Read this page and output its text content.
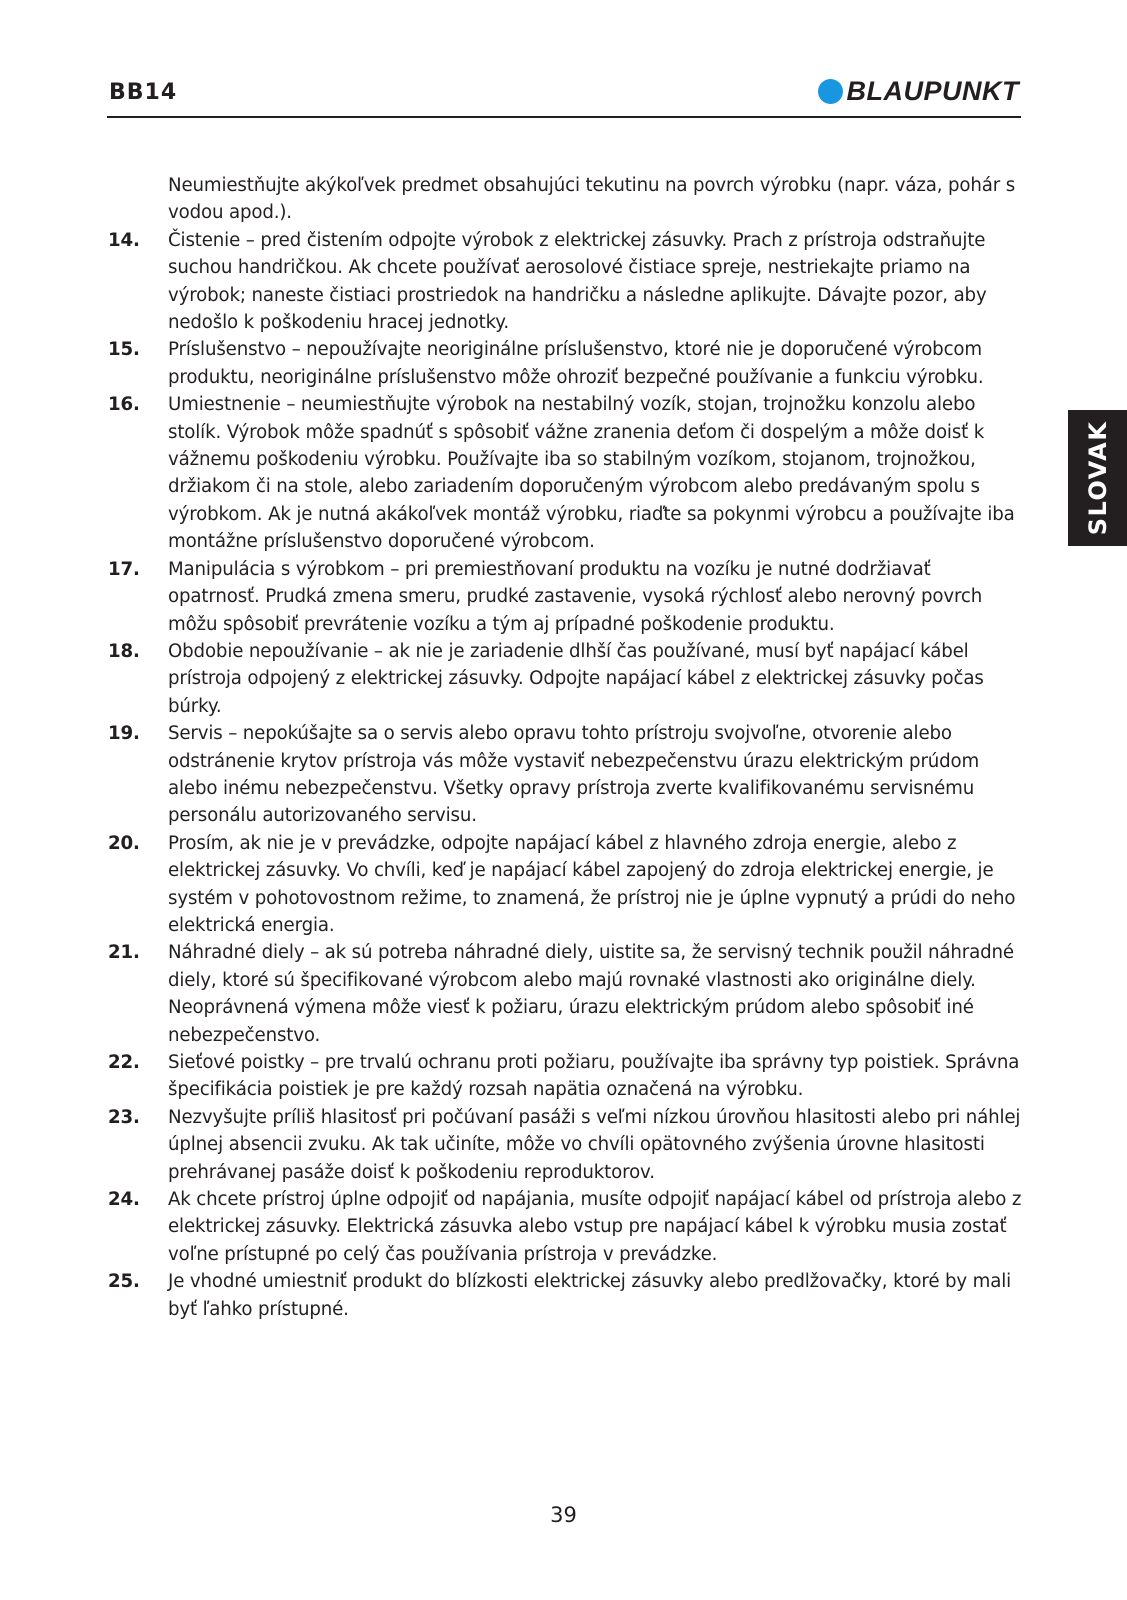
BB14	BLAUPUNKT
SLOVAK
Neumiestňujte akýkoľvek predmet obsahujúci tekutinu na povrch výrobku (napr. váza, pohár s vodou apod.).
14. Čistenie – pred čistením odpojte výrobok z elektrickej zásuvky. Prach z prístroja odstraňujte suchou handričkou. Ak chcete používať aerosolové čistiace spreje, nestriekajte priamo na výrobok; naneste čistiaci prostriedok na handričku a následne aplikujte. Dávajte pozor, aby nedošlo k poškodeniu hracej jednotky.
15. Príslušenstvo – nepoužívajte neoriginálne príslušenstvo, ktoré nie je doporučené výrobcom produktu, neoriginálne príslušenstvo môže ohroziť bezpečné používanie a funkciu výrobku.
16. Umiestnenie – neumiestňujte výrobok na nestabilný vozík, stojan, trojnožku konzolu alebo stolík. Výrobok môže spadnúť s spôsobiť vážne zranenia deťom či dospelým a môže doisť k vážnemu poškodeniu výrobku. Používajte iba so stabilným vozíkom, stojanom, trojnožkou, držiakom či na stole, alebo zariadením doporučeným výrobcom alebo predávaným spolu s výrobkom. Ak je nutná akákoľvek montáž výrobku, riaďte sa pokynmi výrobcu a používajte iba montážne príslušenstvo doporučené výrobcom.
17. Manipulácia s výrobkom – pri premiestňovaní produktu na vozíku je nutné dodržiavať opatrnosť. Prudká zmena smeru, prudké zastavenie, vysoká rýchlosť alebo nerovný povrch môžu spôsobiť prevrátenie vozíku a tým aj prípadné poškodenie produktu.
18. Obdobie nepoužívanie – ak nie je zariadenie dlhší čas používané, musí byť napájací kábel prístroja odpojený z elektrickej zásuvky. Odpojte napájací kábel z elektrickej zásuvky počas búrky.
19. Servis – nepokúšajte sa o servis alebo opravu tohto prístroju svojvoľne, otvorenie alebo odstránenie krytov prístroja vás môže vystaviť nebezpečenstvu úrazu elektrickým prúdom alebo inému nebezpečenstvu. Všetky opravy prístroja zverte kvalifikovanému servisnému personálu autorizovaného servisu.
20. Prosím, ak nie je v prevádzke, odpojte napájací kábel z hlavného zdroja energie, alebo z elektrickej zásuvky. Vo chvíli, keď je napájací kábel zapojený do zdroja elektrickej energie, je systém v pohotovostnom režime, to znamená, že prístroj nie je úplne vypnutý a prúdi do neho elektrická energia.
21. Náhradné diely – ak sú potreba náhradné diely, uistite sa, že servisný technik použil náhradné diely, ktoré sú špecifikované výrobcom alebo majú rovnaké vlastnosti ako originálne diely. Neoprávnená výmena môže viesť k požiaru, úrazu elektrickým prúdom alebo spôsobiť iné nebezpečenstvo.
22. Sieťové poistky – pre trvalú ochranu proti požiaru, používajte iba správny typ poistiek. Správna špecifikácia poistiek je pre každý rozsah napätia označená na výrobku.
23. Nezvyšujte príliš hlasitosť pri počúvaní pasáži s veľmi nízkou úrovňou hlasitosti alebo pri náhlej úplnej absencii zvuku. Ak tak učiníte, môže vo chvíli opätovného zvýšenia úrovne hlasitosti prehrávanej pasáže doisť k poškodeniu reproduktorov.
24. Ak chcete prístroj úplne odpojiť od napájania, musíte odpojiť napájací kábel od prístroja alebo z elektrickej zásuvky. Elektrická zásuvka alebo vstup pre napájací kábel k výrobku musia zostať voľne prístupné po celý čas používania prístroja v prevádzke.
25. Je vhodné umiestniť produkt do blízkosti elektrickej zásuvky alebo predlžovačky, ktoré by mali byť ľahko prístupné.
39
